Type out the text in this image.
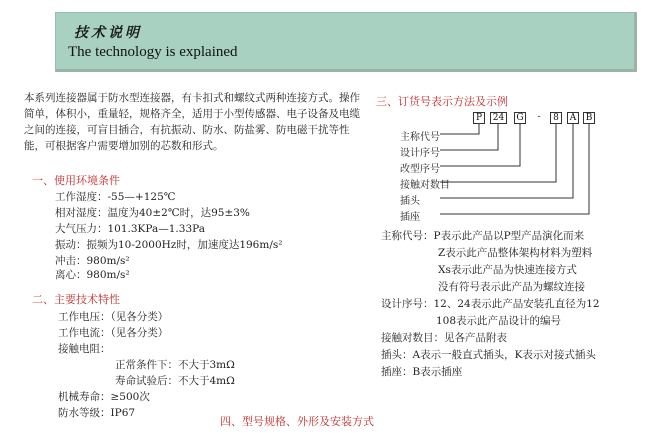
技术说明
The technology is explained
本系列连接器属于防水型连接器，有卡扣式和螺纹式两种连接方式。操作简单，体积小，重量轻，规格齐全，适用于小型传感器、电子设备及电缆之间的连接，可盲目插合，有抗振动、防水、防盐雾、防电磁干扰等性能，可根据客户需要增加别的芯数和形式。
一、使用环境条件
工作湿度：-55—+125℃
相对湿度：温度为40±2℃时，达95±3%
大气压力：101.3KPa—1.33Pa
振动：振频为10-2000Hz时，加速度达196m/s²
冲击：980m/s²
离心：980m/s²
二、主要技术特性
工作电压：（见各分类）
工作电流：（见各分类）
接触电阻：
正常条件下：不大于3mΩ
寿命试验后：不大于4mΩ
机械寿命：≥500次
防水等级：IP67
三、订货号表示方法及示例
P	24	G	-	8	A	B
主称代号
设计序号
改型序号
接触对数目
插头
插座
主称代号：P表示此产品以P型产品演化而来
Z表示此产品整体架构材料为塑料
Xs表示此产品为快速连接方式
没有符号表示此产品为螺纹连接
设计序号：12、24表示此产品安装孔直径为12
108表示此产品设计的编号
接触对数目：见各产品附表
插头：A表示一般直式插头，K表示对接式插头
插座：B表示插座
四、型号规格、外形及安装方式
